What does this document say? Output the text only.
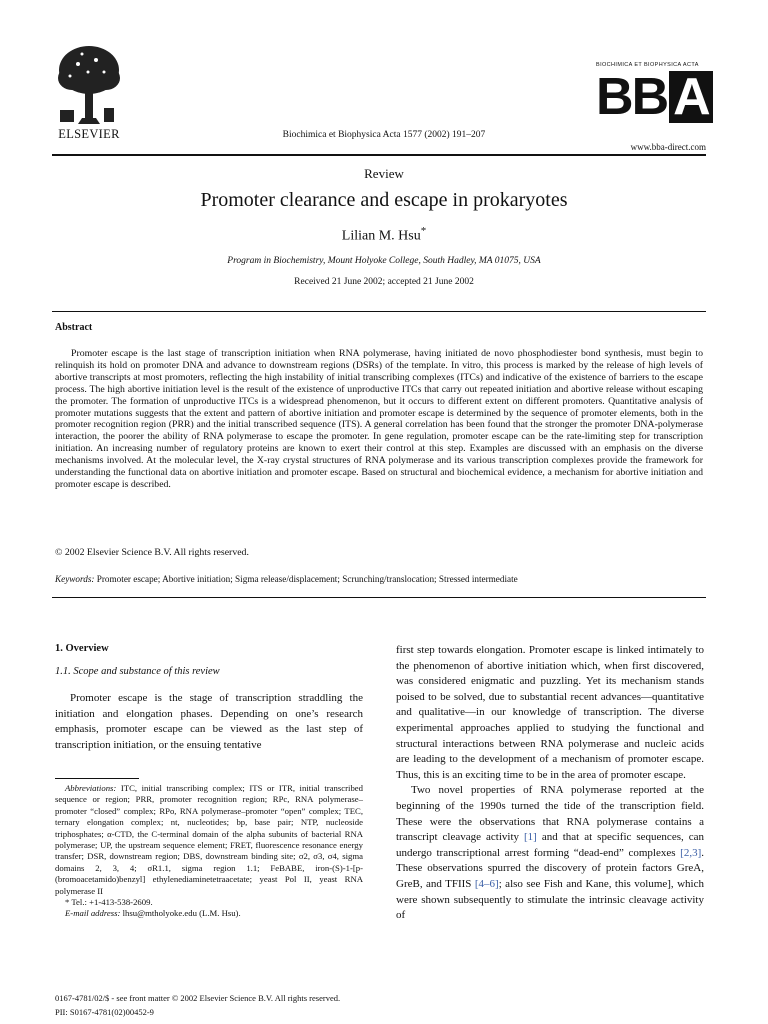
ELSEVIER	Biochimica et Biophysica Acta 1577 (2002) 191–207
BIOCHIMICA ET BIOPHYSICA ACTA
B B A
www.bba-direct.com
Review
Promoter clearance and escape in prokaryotes
Lilian M. Hsu*
Program in Biochemistry, Mount Holyoke College, South Hadley, MA 01075, USA
Received 21 June 2002; accepted 21 June 2002
Abstract
Promoter escape is the last stage of transcription initiation when RNA polymerase, having initiated de novo phosphodiester bond synthesis, must begin to relinquish its hold on promoter DNA and advance to downstream regions (DSRs) of the template. In vitro, this process is marked by the release of high levels of abortive transcripts at most promoters, reflecting the high instability of initial transcribing complexes (ITCs) and indicative of the existence of barriers to the escape process. The high abortive initiation level is the result of the existence of unproductive ITCs that carry out repeated initiation and abortive release without escaping the promoter. The formation of unproductive ITCs is a widespread phenomenon, but it occurs to different extent on different promoters. Quantitative analysis of promoter mutations suggests that the extent and pattern of abortive initiation and promoter escape is determined by the sequence of promoter elements, both in the promoter recognition region (PRR) and the initial transcribed sequence (ITS). A general correlation has been found that the stronger the promoter DNA-polymerase interaction, the poorer the ability of RNA polymerase to escape the promoter. In gene regulation, promoter escape can be the rate-limiting step for transcription initiation. An increasing number of regulatory proteins are known to exert their control at this step. Examples are discussed with an emphasis on the diverse mechanisms involved. At the molecular level, the X-ray crystal structures of RNA polymerase and its various transcription complexes provide the framework for understanding the functional data on abortive initiation and promoter escape. Based on structural and biochemical evidence, a mechanism for abortive initiation and promoter escape is described.
© 2002 Elsevier Science B.V. All rights reserved.
Keywords: Promoter escape; Abortive initiation; Sigma release/displacement; Scrunching/translocation; Stressed intermediate
1. Overview
1.1. Scope and substance of this review

Promoter escape is the stage of transcription straddling the initiation and elongation phases. Depending on one’s research emphasis, promoter escape can be viewed as the last step of transcription initiation, or the ensuing tentative

Abbreviations: ITC, initial transcribing complex; ITS or ITR, initial transcribed sequence or region; PRR, promoter recognition region; RPc, RNA polymerase–promoter “closed” complex; RPo, RNA polymerase–promoter “open” complex; TEC, ternary elongation complex; nt, nucleotides; bp, base pair; NTP, nucleoside triphosphates; α-CTD, the C-terminal domain of the alpha subunits of bacterial RNA polymerase; UP, the upstream sequence element; FRET, fluorescence resonance energy transfer; DSR, downstream region; DBS, downstream binding site; σ2, σ3, σ4, sigma domains 2, 3, 4; σR1.1, sigma region 1.1; FeBABE, iron-(S)-1-[p-(bromoacetamido)benzyl] ethylenediaminetetraacetate; yeast Pol II, yeast RNA polymerase II

* Tel.: +1-413-538-2609.

E-mail address: lhsu@mtholyoke.edu (L.M. Hsu).

first step towards elongation. Promoter escape is linked intimately to the phenomenon of abortive initiation which, when first discovered, was considered enigmatic and puzzling. Yet its mechanism stands poised to be solved, due to substantial recent advances—quantitative and qualitative—in our knowledge of transcription. The diverse experimental approaches applied to studying the functional and structural interactions between RNA polymerase and nucleic acids are leading to the development of a mechanism of promoter escape. Thus, this is an exciting time to be in the area of promoter escape.

Two novel properties of RNA polymerase reported at the beginning of the 1990s turned the tide of the transcription field. These were the observations that RNA polymerase contains a transcript cleavage activity [1] and that at specific sequences, can undergo transcriptional arrest forming “dead-end” complexes [2,3]. These observations spurred the discovery of protein factors GreA, GreB, and TFIIS [4–6]; also see Fish and Kane, this volume], which were shown subsequently to stimulate the intrinsic cleavage activity of

0167-4781/02/$ - see front matter © 2002 Elsevier Science B.V. All rights reserved.
PII: S0167-4781(02)00452-9
